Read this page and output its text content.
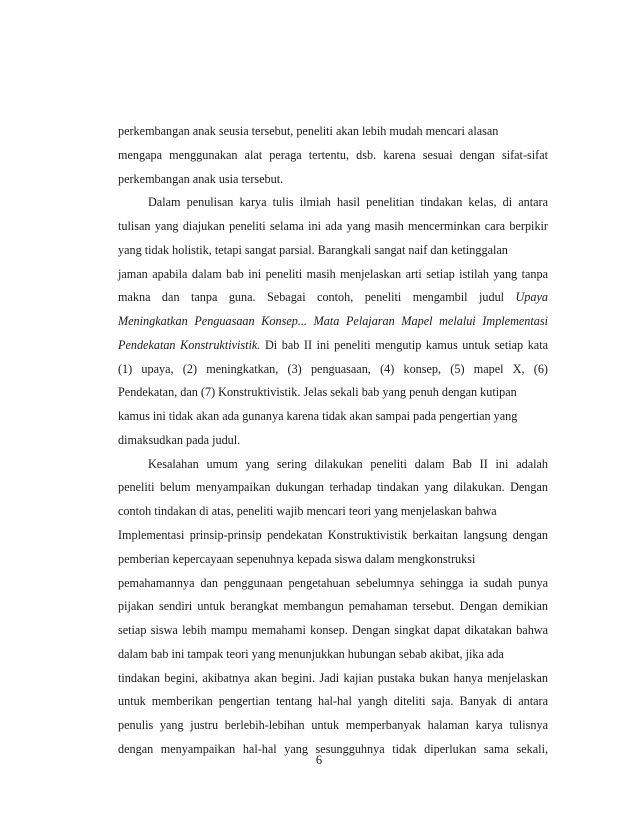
perkembangan anak seusia tersebut, peneliti akan lebih mudah mencari alasan
mengapa menggunakan alat peraga tertentu, dsb. karena sesuai dengan sifat-sifat
perkembangan anak usia tersebut.
Dalam penulisan karya tulis ilmiah hasil penelitian tindakan kelas, di antara
tulisan yang diajukan peneliti selama ini ada yang masih mencerminkan cara berpikir
yang tidak holistik, tetapi sangat parsial. Barangkali sangat naif dan ketinggalan
jaman apabila dalam bab ini peneliti masih menjelaskan arti setiap istilah yang tanpa
makna dan tanpa guna. Sebagai contoh, peneliti mengambil judul Upaya
Meningkatkan Penguasaan Konsep... Mata Pelajaran Mapel melalui Implementasi
Pendekatan Konstruktivistik. Di bab II ini peneliti mengutip kamus untuk setiap kata
(1) upaya, (2) meningkatkan, (3) penguasaan, (4) konsep, (5) mapel X, (6)
Pendekatan, dan (7) Konstruktivistik. Jelas sekali bab yang penuh dengan kutipan
kamus ini tidak akan ada gunanya karena tidak akan sampai pada pengertian yang
dimaksudkan pada judul.
Kesalahan umum yang sering dilakukan peneliti dalam Bab II ini adalah
peneliti belum menyampaikan dukungan terhadap tindakan yang dilakukan. Dengan
contoh tindakan di atas, peneliti wajib mencari teori yang menjelaskan bahwa
Implementasi prinsip-prinsip pendekatan Konstruktivistik berkaitan langsung dengan
pemberian kepercayaan sepenuhnya kepada siswa dalam mengkonstruksi
pemahamannya dan penggunaan pengetahuan sebelumnya sehingga ia sudah punya
pijakan sendiri untuk berangkat membangun pemahaman tersebut. Dengan demikian
setiap siswa lebih mampu memahami konsep. Dengan singkat dapat dikatakan bahwa
dalam bab ini tampak teori yang menunjukkan hubungan sebab akibat, jika ada
tindakan begini, akibatnya akan begini. Jadi kajian pustaka bukan hanya menjelaskan
untuk memberikan pengertian tentang hal-hal yangh diteliti saja. Banyak di antara
penulis yang justru berlebih-lebihan untuk memperbanyak halaman karya tulisnya
dengan menyampaikan hal-hal yang sesungguhnya tidak diperlukan sama sekali,
6
